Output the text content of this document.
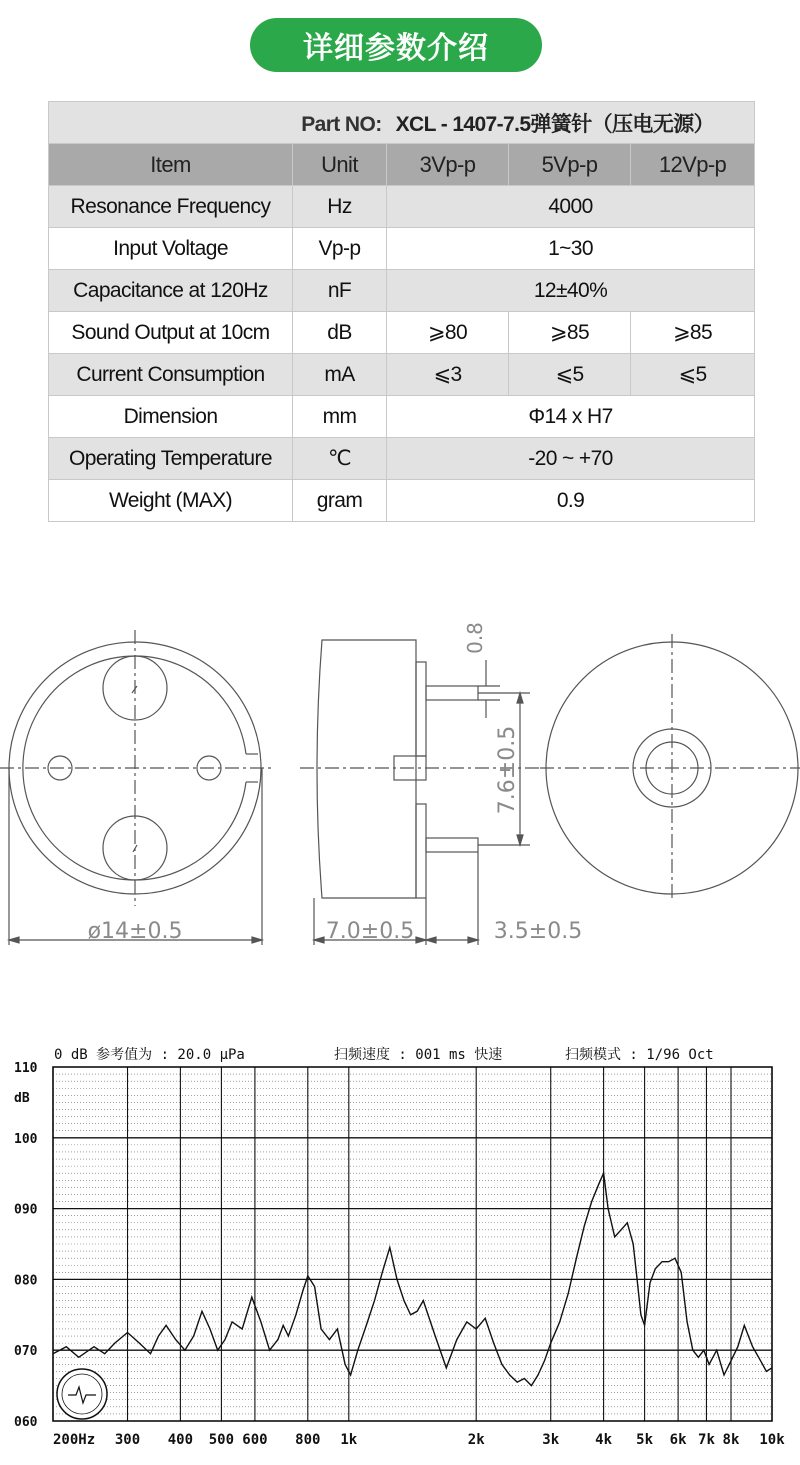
详细参数介绍
Part NO: XCL - 1407-7.5弹簧针（压电无源）				
Item	Unit	3Vp-p	5Vp-p	12Vp-p
Resonance Frequency	Hz	4000		
Input Voltage	Vp-p	1~30		
Capacitance at 120Hz	nF	12±40%		
Sound Output at 10cm	dB	⩾80	⩾85	⩾85
Current Consumption	mA	⩽3	⩽5	⩽5
Dimension	mm	Φ14 x H7		
Operating Temperature	℃	-20 ~ +70		
Weight (MAX)	gram	0.9		
ø14±0.5	7.0±0.5	3.5±0.5
7.6±0.5
0.8
0 dB 参考值为 : 20.0 μPa	扫频速度 : 001 ms 快速	扫频模式 : 1/96 Oct
dB
110
100
090
080
070
060
200Hz 300 400 500 600 800 1k	2k	3k	4k 5k 6k 7k 8k 10k
